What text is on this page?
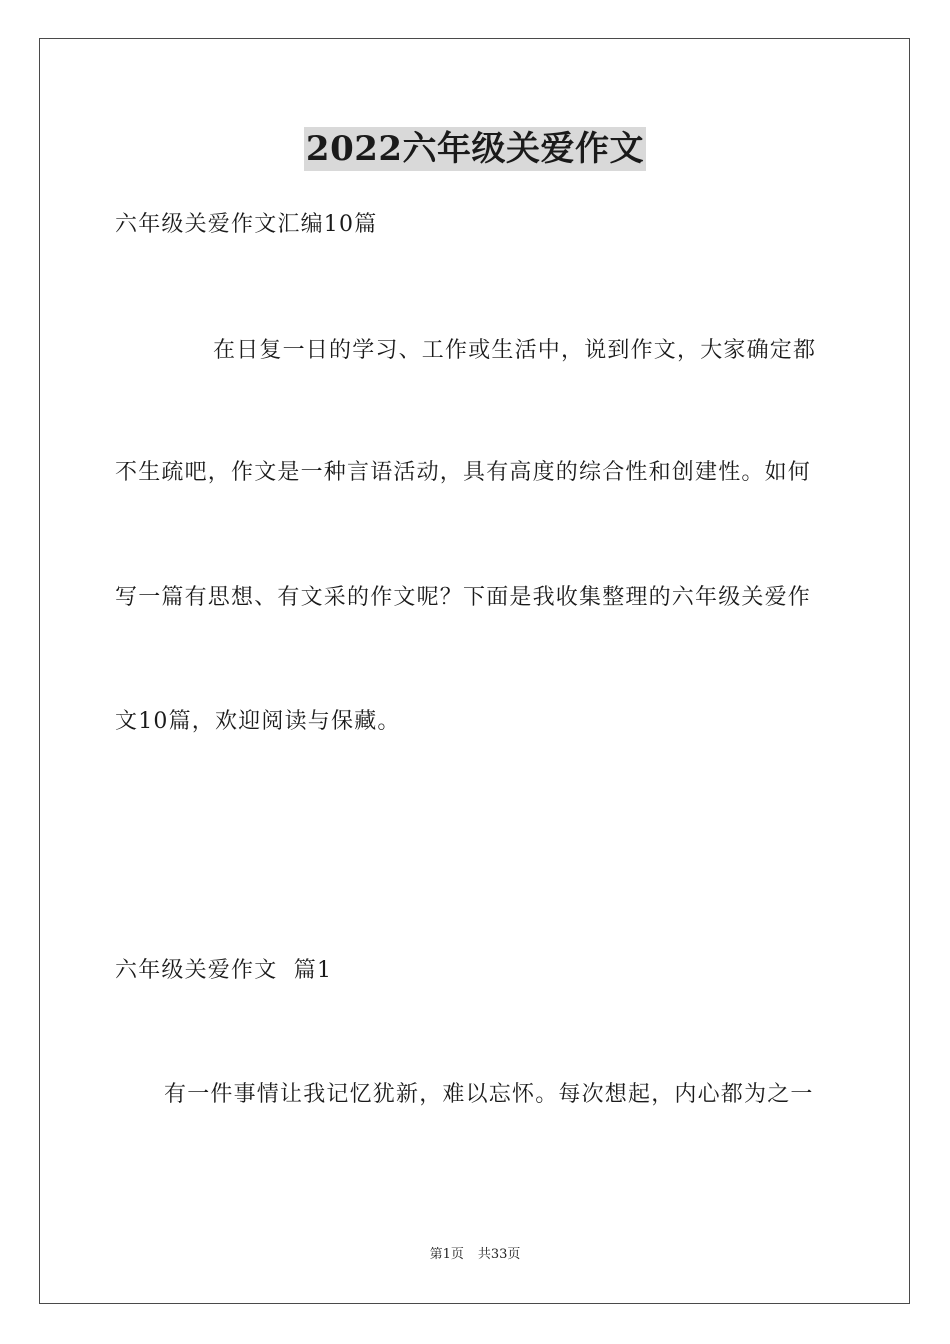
2022六年级关爱作文
六年级关爱作文汇编10篇
在日复一日的学习、工作或生活中，说到作文，大家确定都
不生疏吧，作文是一种言语活动，具有高度的综合性和创建性。如何
写一篇有思想、有文采的作文呢？下面是我收集整理的六年级关爱作
文10篇，欢迎阅读与保藏。
六年级关爱作文  篇1
有一件事情让我记忆犹新，难以忘怀。每次想起，内心都为之一
第1页 共33页
